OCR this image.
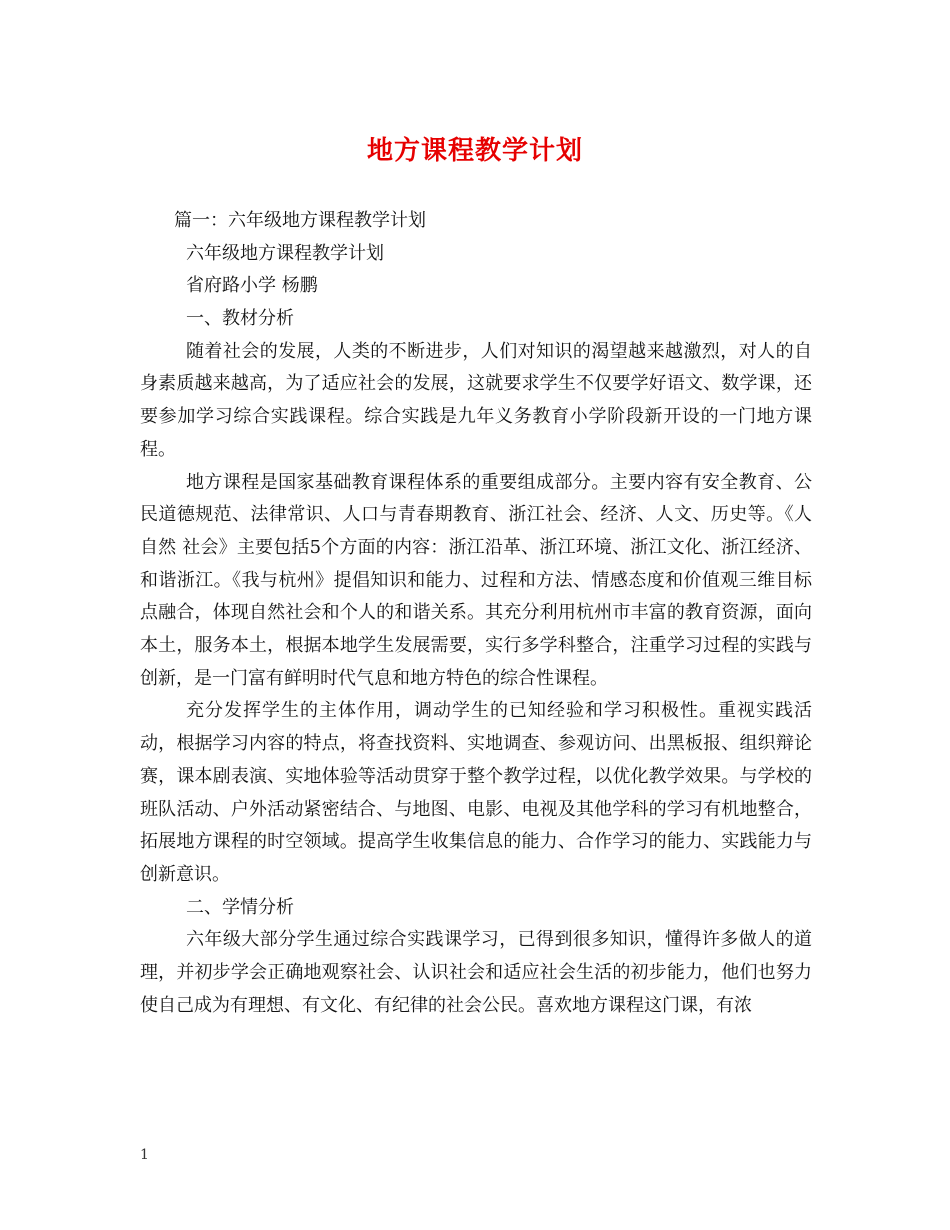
地方课程教学计划
篇一：六年级地方课程教学计划
六年级地方课程教学计划
省府路小学 杨鹏
一、教材分析

随着社会的发展，人类的不断进步，人们对知识的渴望越来越激烈，对人的自身素质越来越高，为了适应社会的发展，这就要求学生不仅要学好语文、数学课，还要参加学习综合实践课程。综合实践是九年义务教育小学阶段新开设的一门地方课程。

地方课程是国家基础教育课程体系的重要组成部分。主要内容有安全教育、公民道德规范、法律常识、人口与青春期教育、浙江社会、经济、人文、历史等。《人 自然 社会》主要包括5个方面的内容：浙江沿革、浙江环境、浙江文化、浙江经济、和谐浙江。《我与杭州》提倡知识和能力、过程和方法、情感态度和价值观三维目标点融合，体现自然社会和个人的和谐关系。其充分利用杭州市丰富的教育资源，面向本土，服务本土，根据本地学生发展需要，实行多学科整合，注重学习过程的实践与创新，是一门富有鲜明时代气息和地方特色的综合性课程。

充分发挥学生的主体作用，调动学生的已知经验和学习积极性。重视实践活动，根据学习内容的特点，将查找资料、实地调查、参观访问、出黑板报、组织辩论赛，课本剧表演、实地体验等活动贯穿于整个教学过程，以优化教学效果。与学校的班队活动、户外活动紧密结合、与地图、电影、电视及其他学科的学习有机地整合，拓展地方课程的时空领域。提高学生收集信息的能力、合作学习的能力、实践能力与创新意识。

二、学情分析

六年级大部分学生通过综合实践课学习，已得到很多知识，懂得许多做人的道理，并初步学会正确地观察社会、认识社会和适应社会生活的初步能力，他们也努力使自己成为有理想、有文化、有纪律的社会公民。喜欢地方课程这门课，有浓

1
